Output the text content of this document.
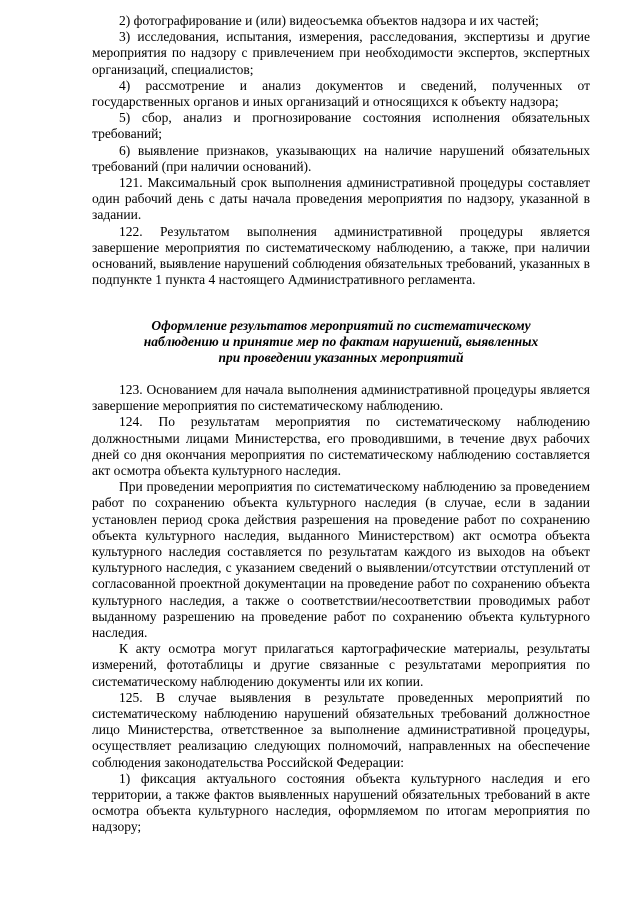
2) фотографирование и (или) видеосъемка объектов надзора и их частей;

3) исследования, испытания, измерения, расследования, экспертизы и другие мероприятия по надзору с привлечением при необходимости экспертов, экспертных организаций, специалистов;

4) рассмотрение и анализ документов и сведений, полученных от государственных органов и иных организаций и относящихся к объекту надзора;

5) сбор, анализ и прогнозирование состояния исполнения обязательных требований;

6) выявление признаков, указывающих на наличие нарушений обязательных требований (при наличии оснований).

121. Максимальный срок выполнения административной процедуры составляет один рабочий день с даты начала проведения мероприятия по надзору, указанной в задании.

122. Результатом выполнения административной процедуры является завершение мероприятия по систематическому наблюдению, а также, при наличии оснований, выявление нарушений соблюдения обязательных требований, указанных в подпункте 1 пункта 4 настоящего Административного регламента.

Оформление результатов мероприятий по систематическому
наблюдению и принятие мер по фактам нарушений, выявленных
при проведении указанных мероприятий

123. Основанием для начала выполнения административной процедуры является завершение мероприятия по систематическому наблюдению.

124. По результатам мероприятия по систематическому наблюдению должностными лицами Министерства, его проводившими, в течение двух рабочих дней со дня окончания мероприятия по систематическому наблюдению составляется акт осмотра объекта культурного наследия.

При проведении мероприятия по систематическому наблюдению за проведением работ по сохранению объекта культурного наследия (в случае, если в задании установлен период срока действия разрешения на проведение работ по сохранению объекта культурного наследия, выданного Министерством) акт осмотра объекта культурного наследия составляется по результатам каждого из выходов на объект культурного наследия, с указанием сведений о выявлении/отсутствии отступлений от согласованной проектной документации на проведение работ по сохранению объекта культурного наследия, а также о соответствии/несоответствии проводимых работ выданному разрешению на проведение работ по сохранению объекта культурного наследия.

К акту осмотра могут прилагаться картографические материалы, результаты измерений, фототаблицы и другие связанные с результатами мероприятия по систематическому наблюдению документы или их копии.

125. В случае выявления в результате проведенных мероприятий по систематическому наблюдению нарушений обязательных требований должностное лицо Министерства, ответственное за выполнение административной процедуры, осуществляет реализацию следующих полномочий, направленных на обеспечение соблюдения законодательства Российской Федерации:

1) фиксация актуального состояния объекта культурного наследия и его территории, а также фактов выявленных нарушений обязательных требований в акте осмотра объекта культурного наследия, оформляемом по итогам мероприятия по надзору;
